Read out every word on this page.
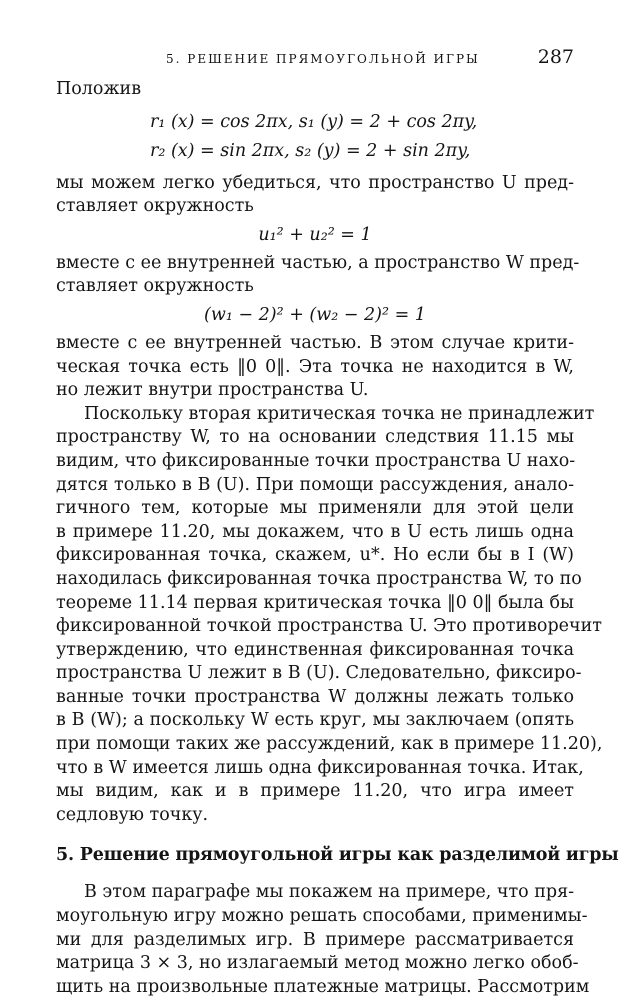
5. РЕШЕНИЕ ПРЯМОУГОЛЬНОЙ ИГРЫ	287
Положив
r₁ (x) = cos 2πx, s₁ (y) = 2 + cos 2πy,
r₂ (x) = sin 2πx, s₂ (y) = 2 + sin 2πy,
мы можем легко убедиться, что пространство U пред-
ставляет окружность
u₁² + u₂² = 1
вместе с ее внутренней частью, а пространство W пред-
ставляет окружность
(w₁ − 2)² + (w₂ − 2)² = 1
вместе с ее внутренней частью. В этом случае крити-
ческая точка есть ‖0 0‖. Эта точка не находится в W,
но лежит внутри пространства U.
Поскольку вторая критическая точка не принадлежит
пространству W, то на основании следствия 11.15 мы
видим, что фиксированные точки пространства U нахо-
дятся только в B (U). При помощи рассуждения, анало-
гичного тем, которые мы применяли для этой цели
в примере 11.20, мы докажем, что в U есть лишь одна
фиксированная точка, скажем, u*. Но если бы в I (W)
находилась фиксированная точка пространства W, то по
теореме 11.14 первая критическая точка ‖0 0‖ была бы
фиксированной точкой пространства U. Это противоречит
утверждению, что единственная фиксированная точка
пространства U лежит в B (U). Следовательно, фиксиро-
ванные точки пространства W должны лежать только
в B (W); а поскольку W есть круг, мы заключаем (опять
при помощи таких же рассуждений, как в примере 11.20),
что в W имеется лишь одна фиксированная точка. Итак,
мы видим, как и в примере 11.20, что игра имеет
седловую точку.
5. Решение прямоугольной игры как разделимой игры
В этом параграфе мы покажем на примере, что пря-
моугольную игру можно решать способами, применимы-
ми для разделимых игр. В примере рассматривается
матрица 3 × 3, но излагаемый метод можно легко обоб-
щить на произвольные платежные матрицы. Рассмотрим
